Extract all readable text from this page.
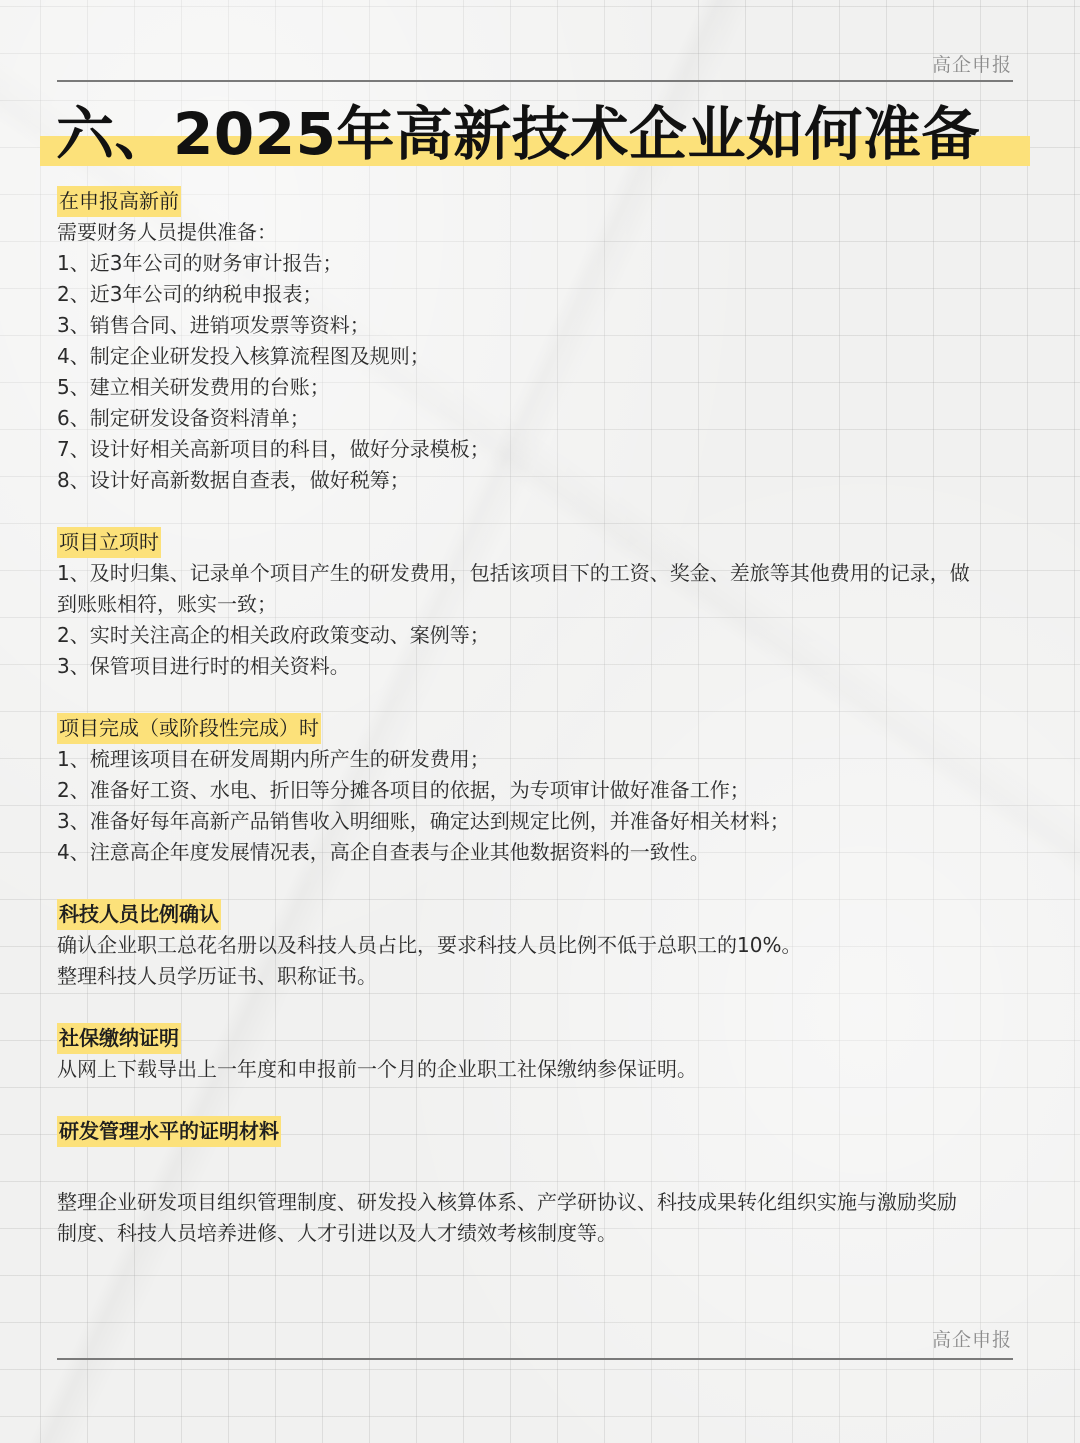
高企申报
六、2025年高新技术企业如何准备
在申报高新前

需要财务人员提供准备：

1、近3年公司的财务审计报告；

2、近3年公司的纳税申报表；

3、销售合同、进销项发票等资料；

4、制定企业研发投入核算流程图及规则；

5、建立相关研发费用的台账；

6、制定研发设备资料清单；

7、设计好相关高新项目的科目，做好分录模板；

8、设计好高新数据自查表，做好税筹；

项目立项时

1、及时归集、记录单个项目产生的研发费用，包括该项目下的工资、奖金、差旅等其他费用的记录，做

到账账相符，账实一致；

2、实时关注高企的相关政府政策变动、案例等；

3、保管项目进行时的相关资料。

项目完成（或阶段性完成）时

1、梳理该项目在研发周期内所产生的研发费用；

2、准备好工资、水电、折旧等分摊各项目的依据，为专项审计做好准备工作；

3、准备好每年高新产品销售收入明细账，确定达到规定比例，并准备好相关材料；

4、注意高企年度发展情况表，高企自查表与企业其他数据资料的一致性。

科技人员比例确认

确认企业职工总花名册以及科技人员占比，要求科技人员比例不低于总职工的10%。

整理科技人员学历证书、职称证书。

社保缴纳证明

从网上下载导出上一年度和申报前一个月的企业职工社保缴纳参保证明。

研发管理水平的证明材料

整理企业研发项目组织管理制度、研发投入核算体系、产学研协议、科技成果转化组织实施与激励奖励

制度、科技人员培养进修、人才引进以及人才绩效考核制度等。

高企申报
